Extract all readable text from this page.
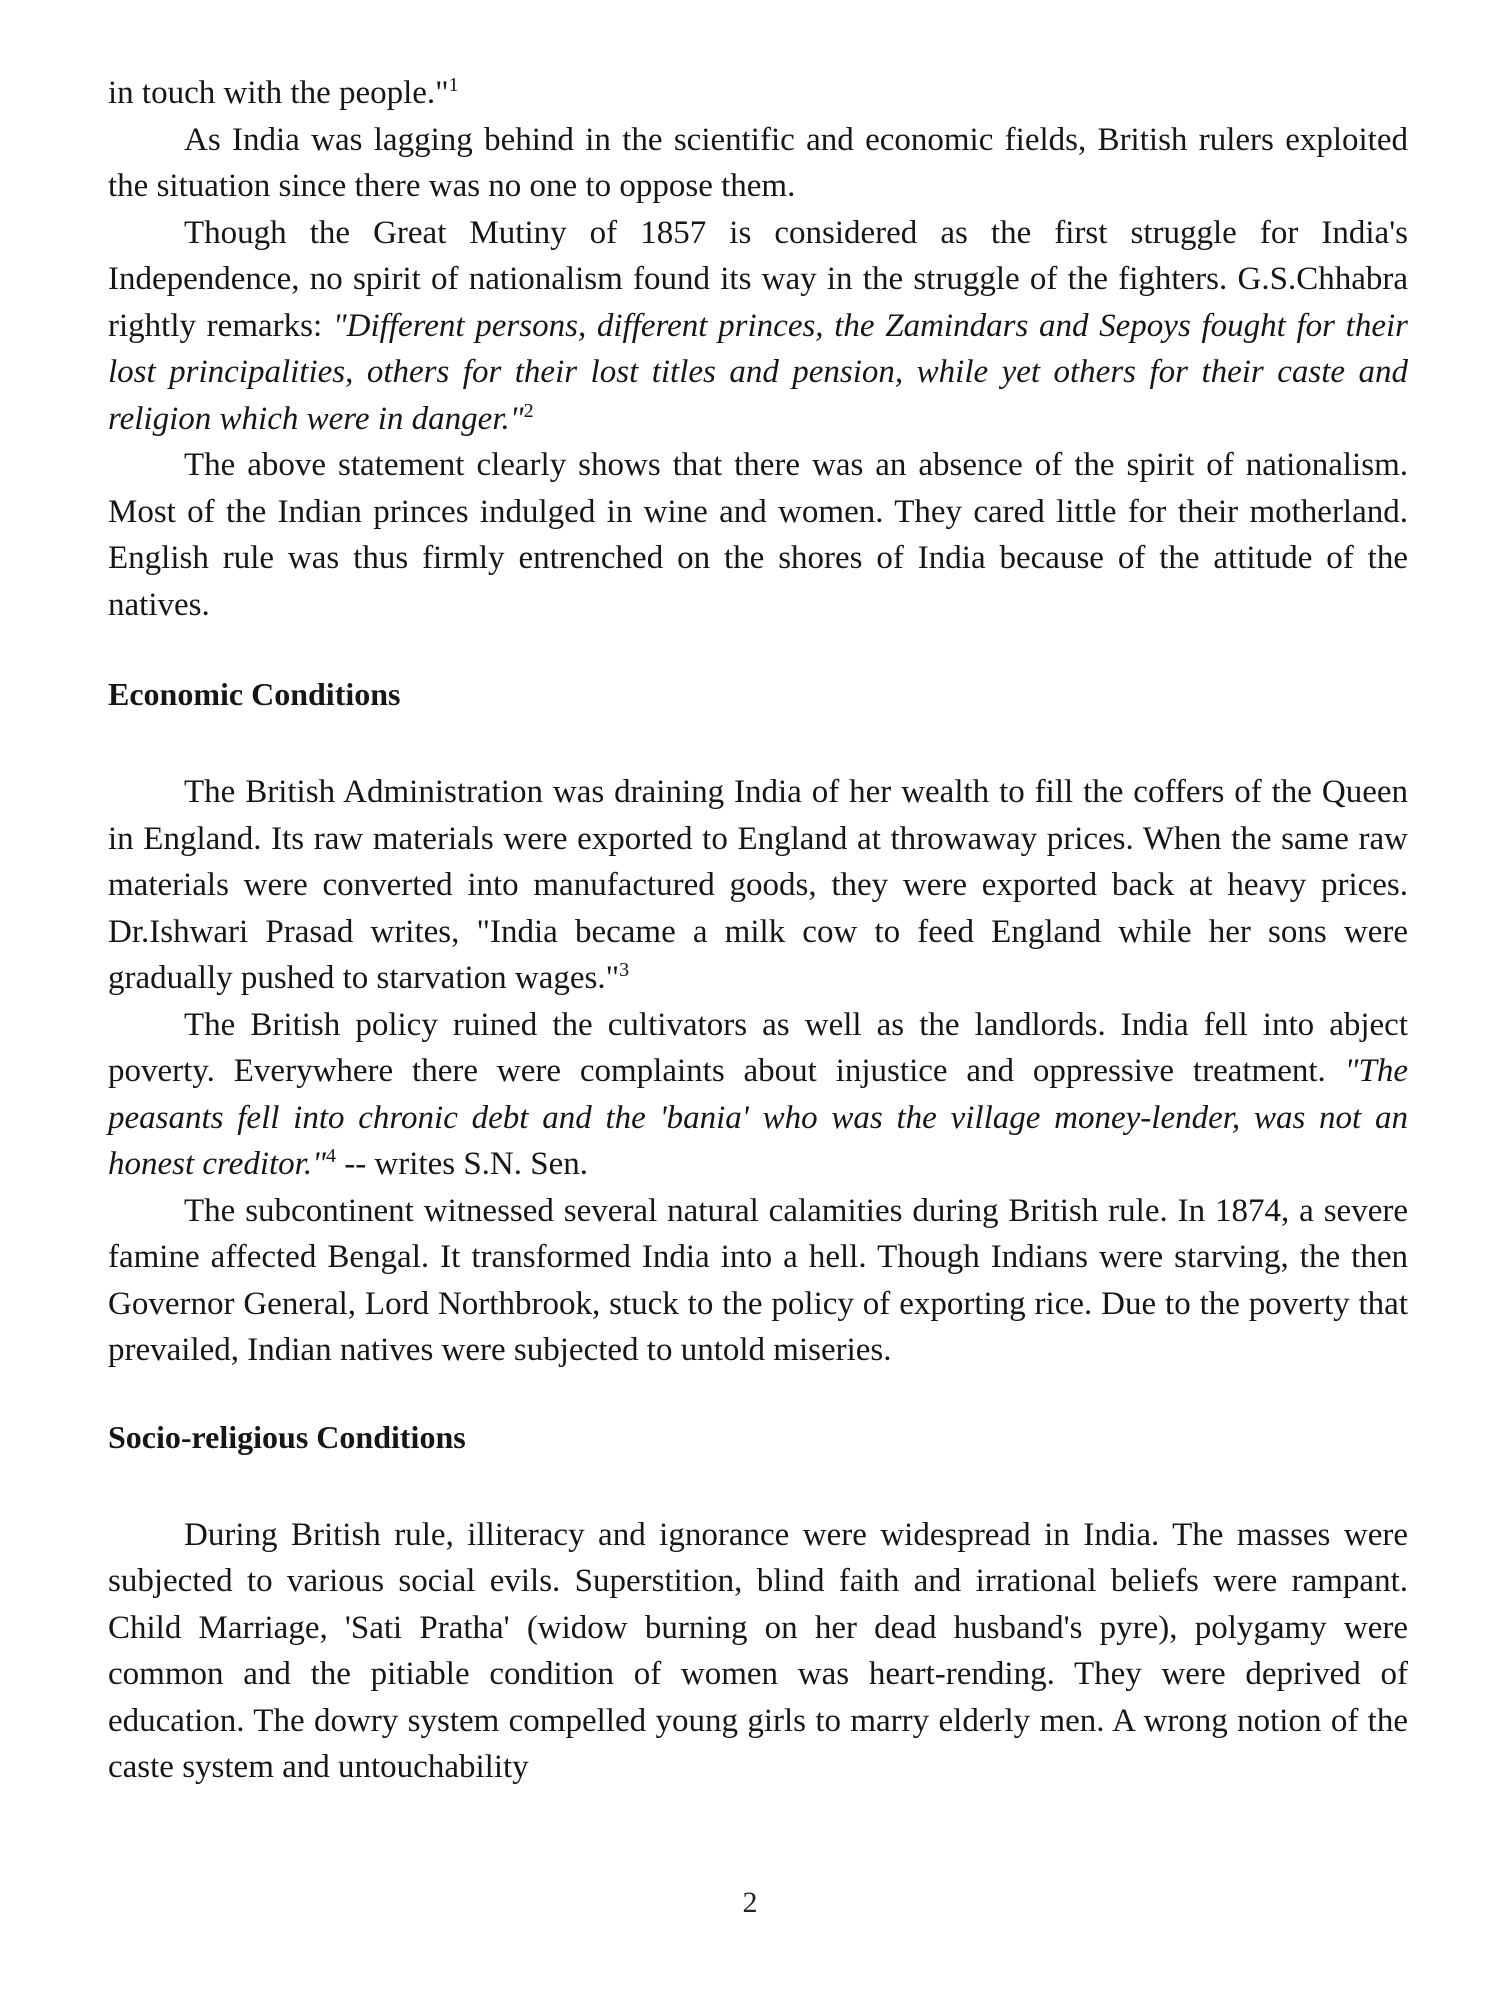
in touch with the people."$^1$

As India was lagging behind in the scientific and economic fields, British rulers exploited the situation since there was no one to oppose them.

Though the Great Mutiny of 1857 is considered as the first struggle for India's Independence, no spirit of nationalism found its way in the struggle of the fighters. G.S.Chhabra rightly remarks: "Different persons, different princes, the Zamindars and Sepoys fought for their lost principalities, others for their lost titles and pension, while yet others for their caste and religion which were in danger."$^2$

The above statement clearly shows that there was an absence of the spirit of nationalism. Most of the Indian princes indulged in wine and women. They cared little for their motherland. English rule was thus firmly entrenched on the shores of India because of the attitude of the natives.

Economic Conditions

The British Administration was draining India of her wealth to fill the coffers of the Queen in England. Its raw materials were exported to England at throwaway prices. When the same raw materials were converted into manufactured goods, they were exported back at heavy prices. Dr.Ishwari Prasad writes, "India became a milk cow to feed England while her sons were gradually pushed to starvation wages."$^3$

The British policy ruined the cultivators as well as the landlords. India fell into abject poverty. Everywhere there were complaints about injustice and oppressive treatment. "The peasants fell into chronic debt and the 'bania' who was the village money-lender, was not an honest creditor."$^4$ -- writes S.N. Sen.

The subcontinent witnessed several natural calamities during British rule. In 1874, a severe famine affected Bengal. It transformed India into a hell. Though Indians were starving, the then Governor General, Lord Northbrook, stuck to the policy of exporting rice. Due to the poverty that prevailed, Indian natives were subjected to untold miseries.

Socio-religious Conditions

During British rule, illiteracy and ignorance were widespread in India. The masses were subjected to various social evils. Superstition, blind faith and irrational beliefs were rampant. Child Marriage, 'Sati Pratha' (widow burning on her dead husband's pyre), polygamy were common and the pitiable condition of women was heart-rending. They were deprived of education. The dowry system compelled young girls to marry elderly men. A wrong notion of the caste system and untouchability

2
